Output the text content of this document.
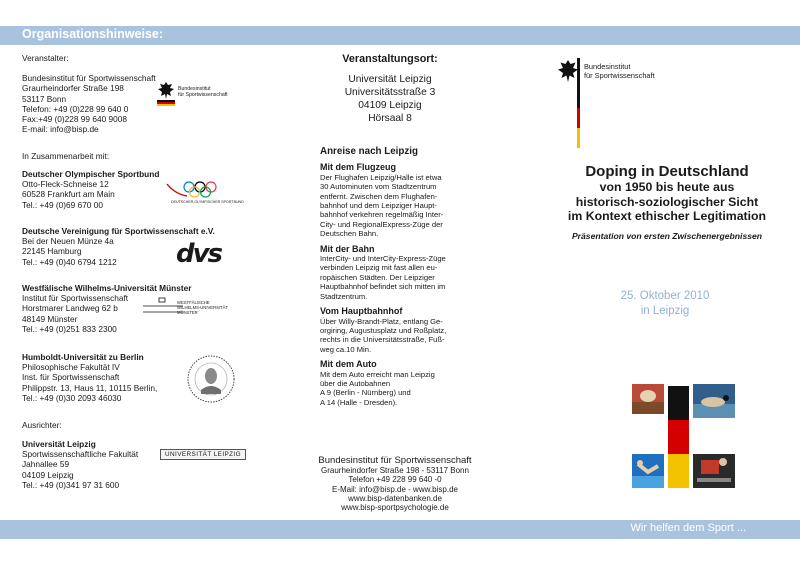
Organisationshinweise:
Wir helfen dem Sport ...
Veranstalter:
Bundesinstitut für Sportwissenschaft
Graurheindorfer Straße 198
53117 Bonn
Telefon: +49 (0)228 99 640 0
Fax:+49 (0)228 99 640 9008
E-mail: info@bisp.de
Bundesinstitut
für Sportwissenschaft
In Zusammenarbeit mit:
Deutscher Olympischer Sportbund
Otto-Fleck-Schneise 12
60528 Frankfurt am Main
Tel.: +49 (0)69 670 00	DEUTSCHER OLYMPISCHER SPORTBUND
Deutsche Vereinigung für Sportwissenschaft e.V.
Bei der Neuen Münze 4a
22145 Hamburg
Tel.: +49 (0)40 6794 1212	dvs
Westfälische Wilhelms-Universität Münster
Institut für Sportwissenschaft
Horstmarer Landweg 62 b
48149 Münster
Tel.: +49 (0)251 833 2300
WESTFÄLISCHE
WILHELMS-UNIVERSITÄT
MÜNSTER
Humboldt-Universität zu Berlin
Philosophische Fakultät IV
Inst. für Sportwissenschaft
Philippstr. 13, Haus 11, 10115 Berlin,
Tel.: +49 (0)30 2093 46030
Ausrichter:
Universität Leipzig
Sportwissenschaftliche Fakultät
Jahnallee 59
04109 Leipzig
Tel.: +49 (0)341 97 31 600
UNIVERSITÄT LEIPZIG
Veranstaltungsort:
Universität Leipzig
Universitätsstraße 3
04109 Leipzig
Hörsaal 8
Anreise nach Leipzig
Mit dem Flugzeug
Der Flughafen Leipzig/Halle ist etwa
30 Autominuten vom Stadtzentrum
entfernt. Zwischen dem Flughafen-
bahnhof und dem Leipziger Haupt-
bahnhof verkehren regelmäßig Inter-
City- und RegionalExpress-Züge der
Deutschen Bahn.
Mit der Bahn
InterCity- und InterCity-Express-Züge
verbinden Leipzig mit fast allen eu-
ropäischen Städten. Der Leipziger
Hauptbahnhof befindet sich mitten im
Stadtzentrum.
Vom Hauptbahnhof
Über Willy-Brandt-Platz, entlang Ge-
orgiring, Augustusplatz und Roßplatz,
rechts in die Universitätsstraße, Fuß-
weg ca.10 Min.
Mit dem Auto
Mit dem Auto erreicht man Leipzig
über die Autobahnen
A 9 (Berlin - Nürnberg) und
A 14 (Halle - Dresden).
Bundesinstitut für Sportwissenschaft
Graurheindorfer Straße 198 - 53117 Bonn
Telefon +49 228 99 640 -0
E-Mail: info@bisp.de - www.bisp.de
www.bisp-datenbanken.de
www.bisp-sportpsychologie.de
Bundesinstitut
für Sportwissenschaft
Doping in Deutschland
von 1950 bis heute aus
historisch-soziologischer Sicht
im Kontext ethischer Legitimation
Präsentation von ersten Zwischenergebnissen
25. Oktober 2010
in Leipzig
